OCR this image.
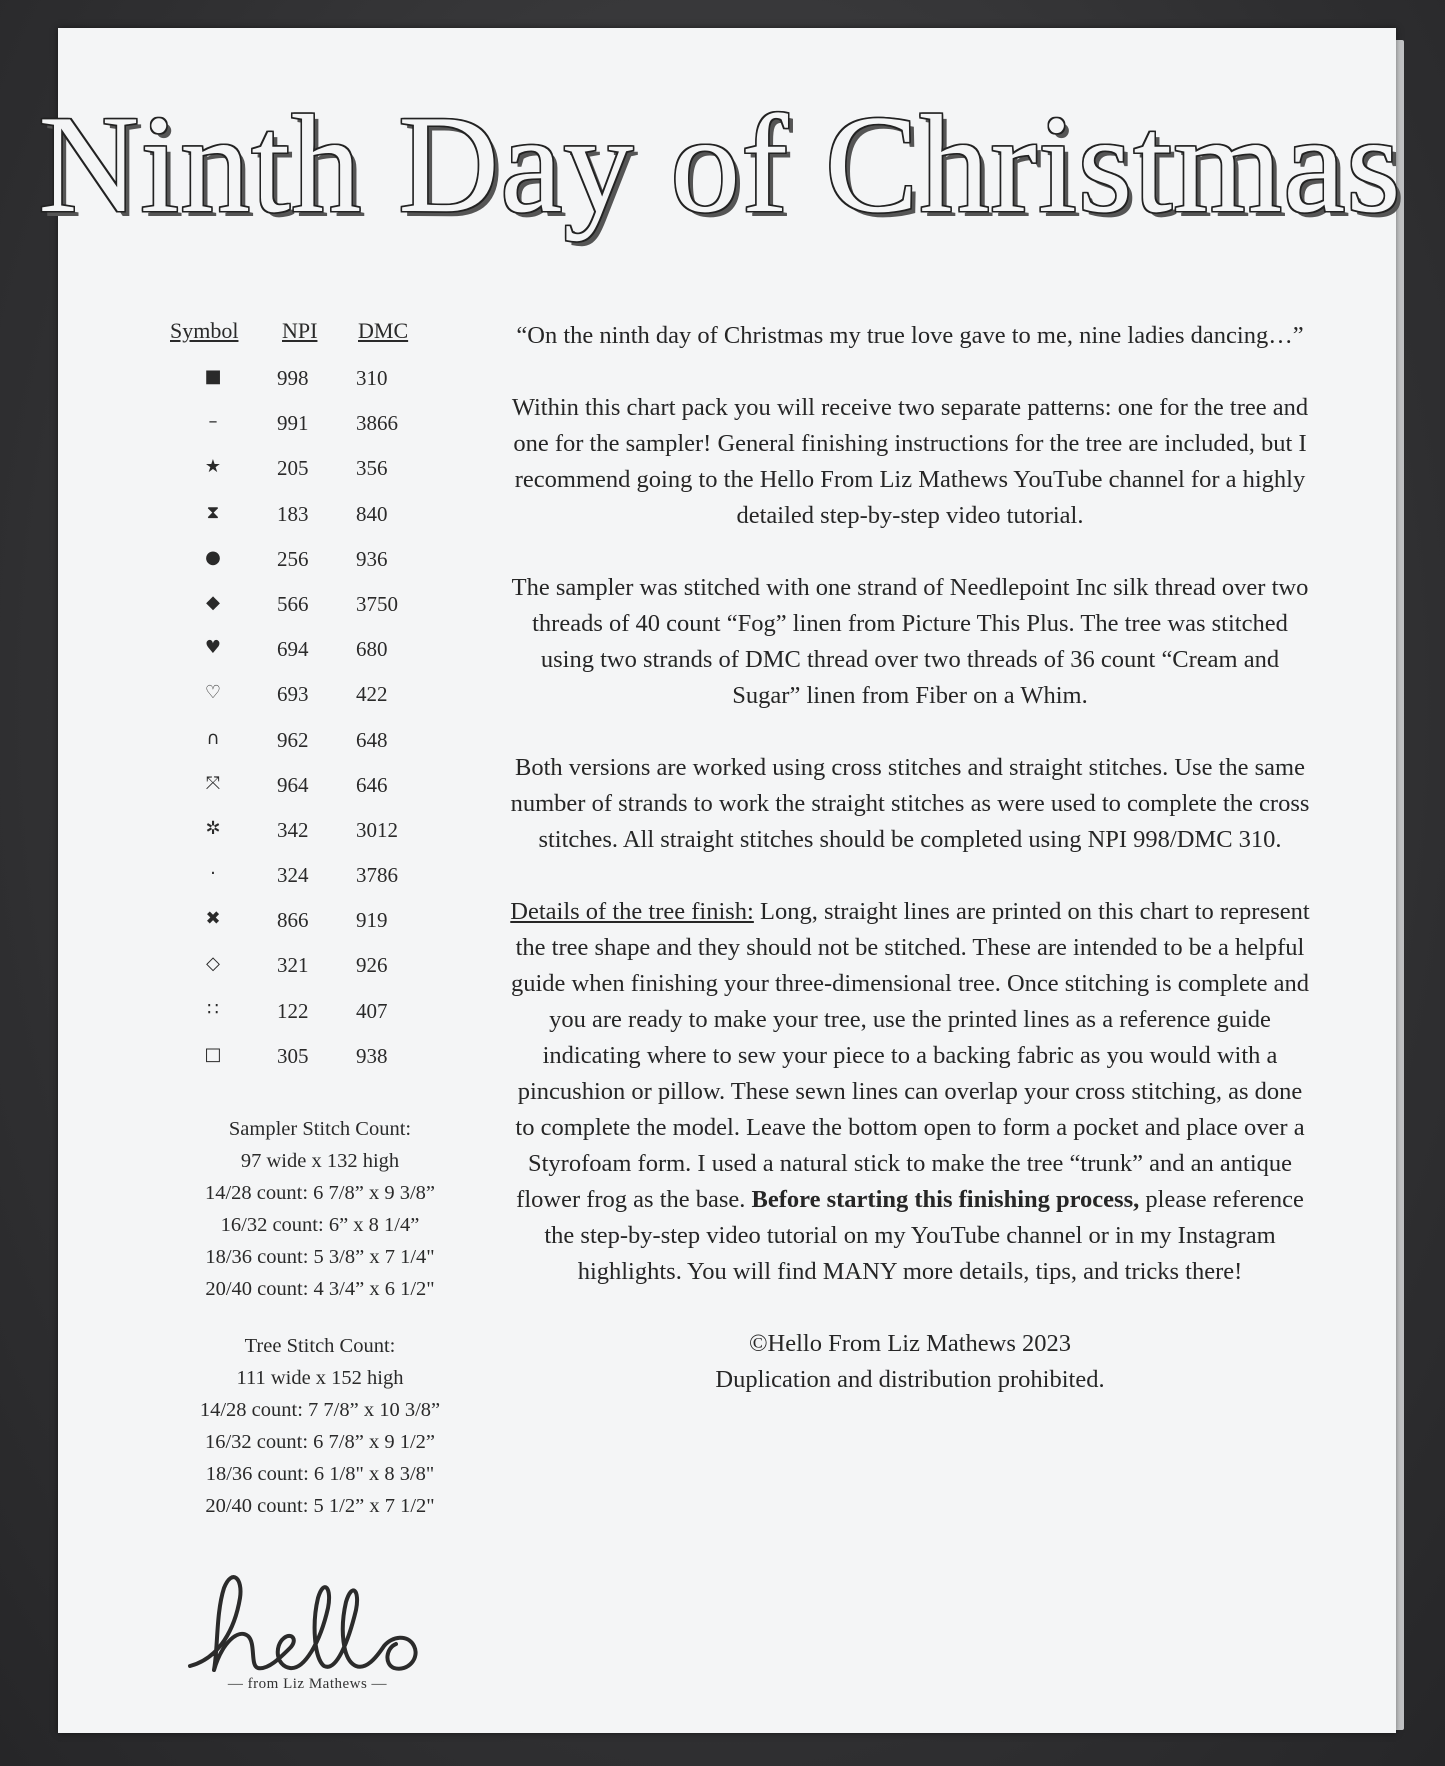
Ninth Day of Christmas
Symbol NPI DMC
■	998 310
–	991 3866
★	205 356
⧗	183 840
●	256 936
◆	566 3750
♥	694 680
♡	693 422
∩	962 648
⤧	964 646
✲	342 3012
·	324 3786
✖	866 919
◇	321 926
∷	122 407
□	305 938
Sampler Stitch Count:
97 wide x 132 high
14/28 count: 6 7/8” x 9 3/8”
16/32 count: 6” x 8 1/4”
18/36 count: 5 3/8” x 7 1/4"
20/40 count: 4 3/4” x 6 1/2"
Tree Stitch Count:
111 wide x 152 high
14/28 count: 7 7/8” x 10 3/8”
16/32 count: 6 7/8” x 9 1/2”
18/36 count: 6 1/8" x 8 3/8"
20/40 count: 5 1/2” x 7 1/2"
— from Liz Mathews —

“On the ninth day of Christmas my true love gave to me, nine ladies dancing…”

Within this chart pack you will receive two separate patterns: one for the tree and one for the sampler! General finishing instructions for the tree are included, but I recommend going to the Hello From Liz Mathews YouTube channel for a highly detailed step-by-step video tutorial.

The sampler was stitched with one strand of Needlepoint Inc silk thread over two threads of 40 count “Fog” linen from Picture This Plus. The tree was stitched using two strands of DMC thread over two threads of 36 count “Cream and Sugar” linen from Fiber on a Whim.

Both versions are worked using cross stitches and straight stitches. Use the same number of strands to work the straight stitches as were used to complete the cross stitches. All straight stitches should be completed using NPI 998/DMC 310.

Details of the tree finish: Long, straight lines are printed on this chart to represent the tree shape and they should not be stitched. These are intended to be a helpful guide when finishing your three-dimensional tree. Once stitching is complete and you are ready to make your tree, use the printed lines as a reference guide indicating where to sew your piece to a backing fabric as you would with a pincushion or pillow. These sewn lines can overlap your cross stitching, as done to complete the model. Leave the bottom open to form a pocket and place over a Styrofoam form. I used a natural stick to make the tree “trunk” and an antique flower frog as the base. Before starting this finishing process, please reference the step-by-step video tutorial on my YouTube channel or in my Instagram highlights. You will find MANY more details, tips, and tricks there!

©Hello From Liz Mathews 2023
Duplication and distribution prohibited.
